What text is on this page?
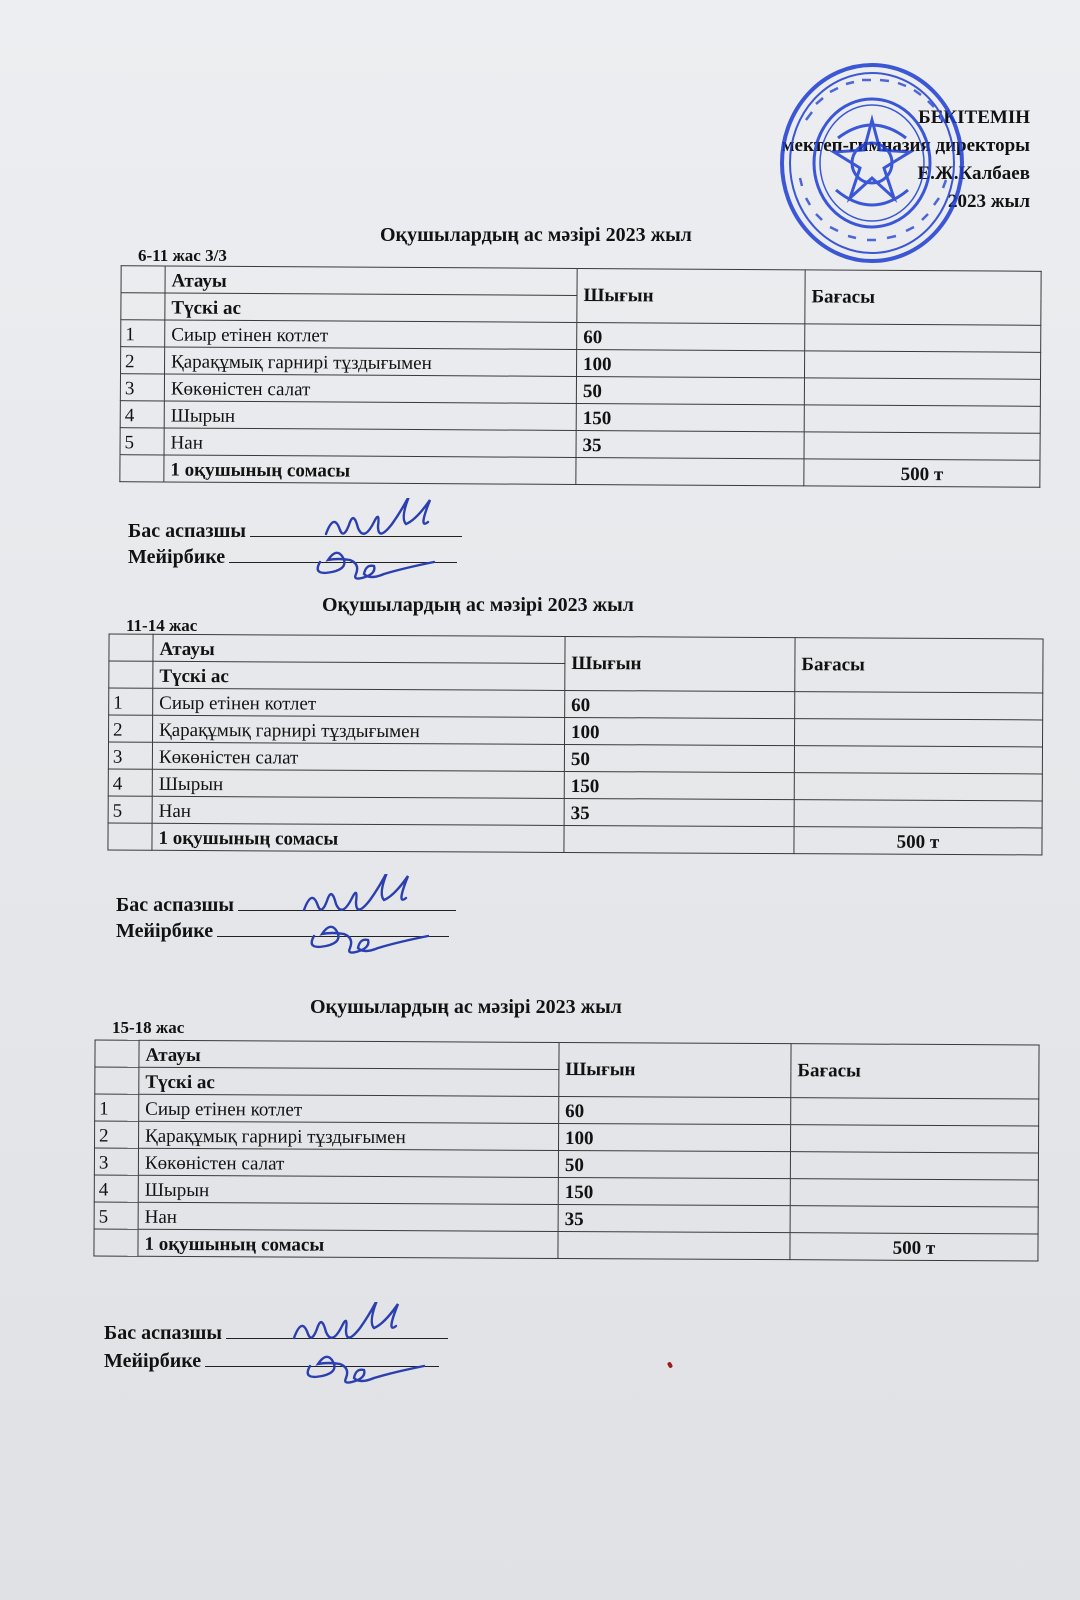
БЕКІТЕМІН
мектеп-гимназия директоры
Е.Ж.Калбаев
2023 жыл
Оқушылардың ас мәзірі 2023 жыл
6-11 жас 3/3
	Атауы	Шығын	Бағасы
	Түскі ас		
1	Сиыр етінен котлет	60	
2	Қарақұмық гарнирі тұздығымен	100	
3	Көкөністен салат	50	
4	Шырын	150	
5	Нан	35	
	1 оқушының сомасы		500 т
Бас аспазшы
Мейірбике
Оқушылардың ас мәзірі 2023 жыл
11-14 жас
	Атауы	Шығын	Бағасы
	Түскі ас		
1	Сиыр етінен котлет	60	
2	Қарақұмық гарнирі тұздығымен	100	
3	Көкөністен салат	50	
4	Шырын	150	
5	Нан	35	
	1 оқушының сомасы		500 т
Бас аспазшы
Мейірбике
Оқушылардың ас мәзірі 2023 жыл
15-18 жас
	Атауы	Шығын	Бағасы
	Түскі ас		
1	Сиыр етінен котлет	60	
2	Қарақұмық гарнирі тұздығымен	100	
3	Көкөністен салат	50	
4	Шырын	150	
5	Нан	35	
	1 оқушының сомасы		500 т
Бас аспазшы
Мейірбике
